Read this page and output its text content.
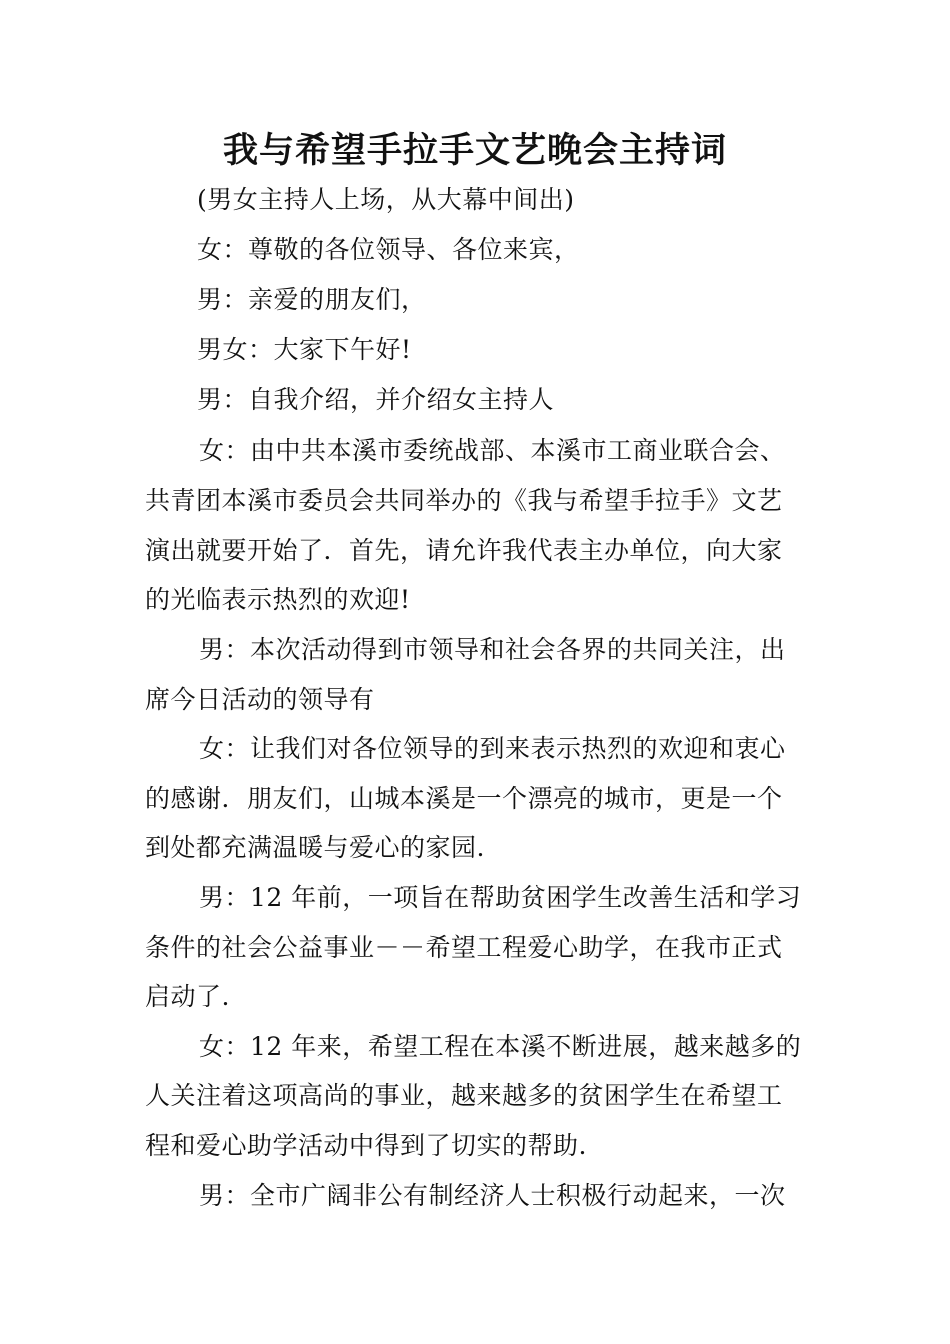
我与希望手拉手文艺晚会主持词
(男女主持人上场，从大幕中间出)
女：尊敬的各位领导、各位来宾，
男：亲爱的朋友们，
男女：大家下午好!
男：自我介绍，并介绍女主持人
女：由中共本溪市委统战部、本溪市工商业联合会、
共青团本溪市委员会共同举办的《我与希望手拉手》文艺
演出就要开始了．首先，请允许我代表主办单位，向大家
的光临表示热烈的欢迎!
男：本次活动得到市领导和社会各界的共同关注，出
席今日活动的领导有
女：让我们对各位领导的到来表示热烈的欢迎和衷心
的感谢．朋友们，山城本溪是一个漂亮的城市，更是一个
到处都充满温暖与爱心的家园.
男：12 年前，一项旨在帮助贫困学生改善生活和学习
条件的社会公益事业－－希望工程爱心助学，在我市正式
启动了.
女：12 年来，希望工程在本溪不断进展，越来越多的
人关注着这项高尚的事业，越来越多的贫困学生在希望工
程和爱心助学活动中得到了切实的帮助.
男：全市广阔非公有制经济人士积极行动起来，一次
